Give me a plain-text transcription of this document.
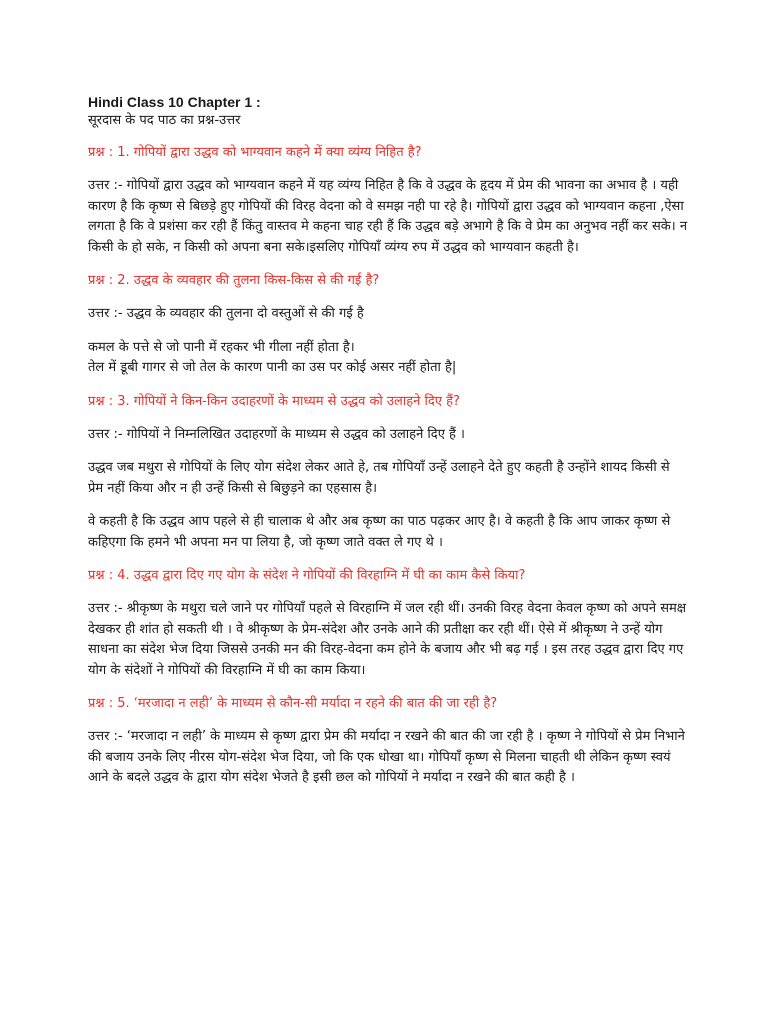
Hindi Class 10 Chapter 1 :

सूरदास के पद पाठ का प्रश्न-उत्तर

प्रश्न : 1. गोपियों द्वारा उद्धव को भाग्यवान कहने में क्या व्यंग्य निहित है?

उत्तर :- गोपियों द्वारा उद्धव को भाग्यवान कहने में यह व्यंग्य निहित है कि वे उद्धव के हृदय में प्रेम की भावना का अभाव है । यही कारण है कि कृष्ण से बिछड़े हुए गोपियों की विरह वेदना को वे समझ नही पा रहे है। गोपियों द्वारा उद्धव को भाग्यवान कहना ,ऐसा लगता है कि वे प्रशंसा कर रही हैं किंतु वास्तव मे कहना चाह रही हैं कि उद्धव बड़े अभागे है कि वे प्रेम का अनुभव नहीं कर सके। न किसी के हो सके, न किसी को अपना बना सके।इसलिए गोपियाँ व्यंग्य रुप में उद्धव को भाग्यवान कहती है।

प्रश्न : 2. उद्धव के व्यवहार की तुलना किस-किस से की गई है?

उत्तर :- उद्धव के व्यवहार की तुलना दो वस्तुओं से की गई है

कमल के पत्ते से जो पानी में रहकर भी गीला नहीं होता है।
तेल में डूबी गागर से जो तेल के कारण पानी का उस पर कोई असर नहीं होता है|

प्रश्न : 3. गोपियों ने किन-किन उदाहरणों के माध्यम से उद्धव को उलाहने दिए हैं?

उत्तर :- गोपियों ने निम्नलिखित उदाहरणों के माध्यम से उद्धव को उलाहने दिए हैं ।

उद्धव जब मथुरा से गोपियों के लिए योग संदेश लेकर आते हे, तब गोपियाँ उन्हें उलाहने देते हुए कहती है उन्होंने शायद किसी से प्रेम नहीं किया और न ही उन्हें किसी से बिछुड़ने का एहसास है।

वे कहती है कि उद्धव आप पहले से ही चालाक थे और अब कृष्ण का पाठ पढ़कर आए है। वे कहती है कि आप जाकर कृष्ण से कहिएगा कि हमने भी अपना मन पा लिया है, जो कृष्ण जाते वक्त ले गए थे ।

प्रश्न : 4. उद्धव द्वारा दिए गए योग के संदेश ने गोपियों की विरहाग्नि में घी का काम कैसे किया?

उत्तर :- श्रीकृष्ण के मथुरा चले जाने पर गोपियाँ पहले से विरहाग्नि में जल रही थीं। उनकी विरह वेदना केवल कृष्ण को अपने समक्ष देखकर ही शांत हो सकती थी । वे श्रीकृष्ण के प्रेम-संदेश और उनके आने की प्रतीक्षा कर रही थीं। ऐसे में श्रीकृष्ण ने उन्हें योग साधना का संदेश भेज दिया जिससे उनकी मन की विरह-वेदना कम होने के बजाय और भी बढ़ गई । इस तरह उद्धव द्वारा दिए गए योग के संदेशों ने गोपियों की विरहाग्नि में घी का काम किया।

प्रश्न : 5. ‘मरजादा न लही’ के माध्यम से कौन-सी मर्यादा न रहने की बात की जा रही है?

उत्तर :- ‘मरजादा न लही’ के माध्यम से कृष्ण द्वारा प्रेम की मर्यादा न रखने की बात की जा रही है । कृष्ण ने गोपियों से प्रेम निभाने की बजाय उनके लिए नीरस योग-संदेश भेज दिया, जो कि एक धोखा था। गोपियाँ कृष्ण से मिलना चाहती थी लेकिन कृष्ण स्वयं आने के बदले उद्धव के द्वारा योग संदेश भेजते है इसी छल को गोपियों ने मर्यादा न रखने की बात कही है ।
